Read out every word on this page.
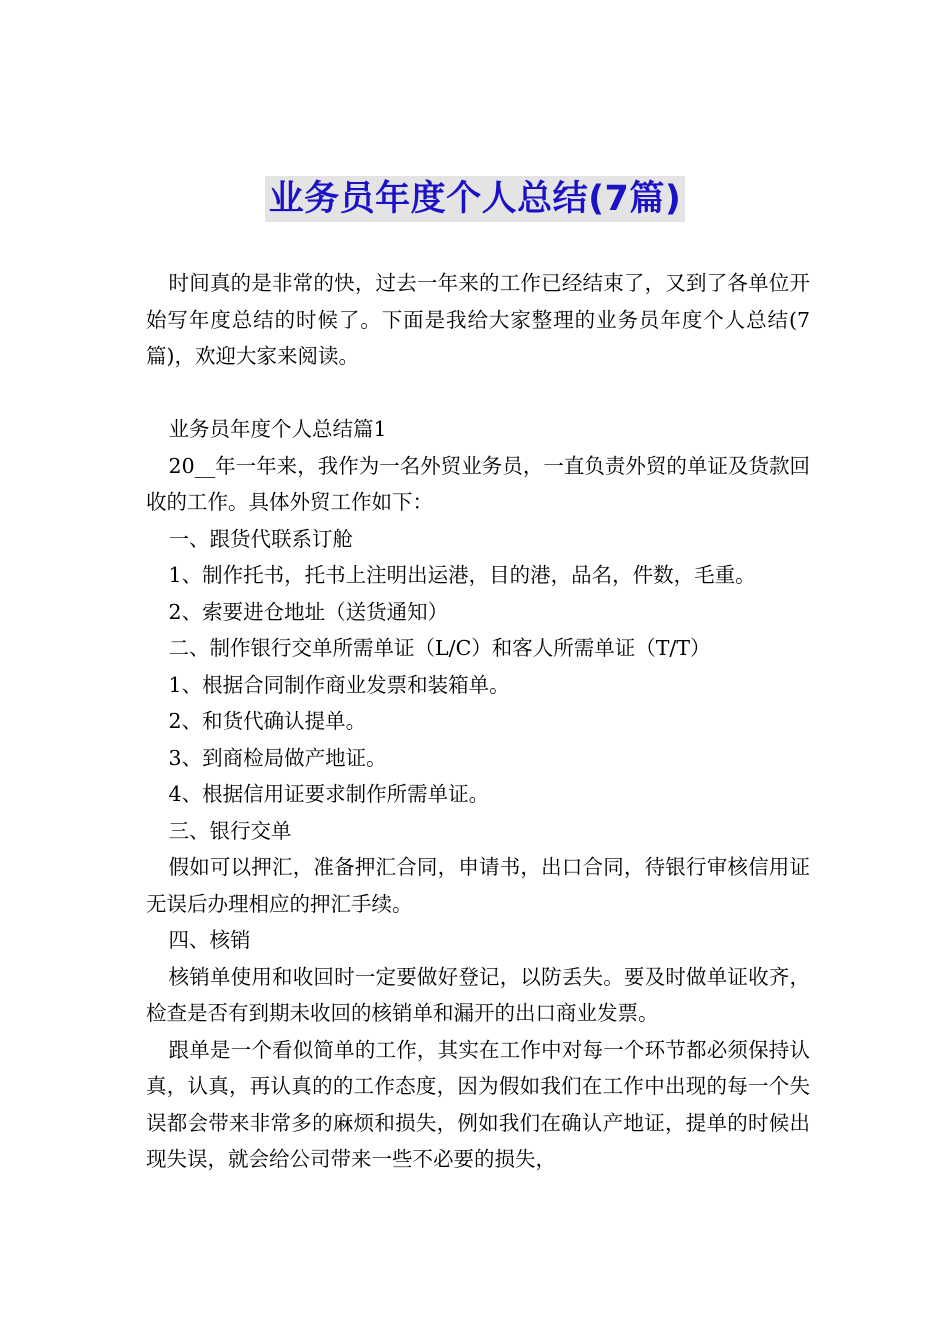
业务员年度个人总结(7篇)

时间真的是非常的快，过去一年来的工作已经结束了，又到了各单位开始写年度总结的时候了。下面是我给大家整理的业务员年度个人总结(7篇)，欢迎大家来阅读。

业务员年度个人总结篇1

20__年一年来，我作为一名外贸业务员，一直负责外贸的单证及货款回收的工作。具体外贸工作如下：

一、跟货代联系订舱

1、制作托书，托书上注明出运港，目的港，品名，件数，毛重。

2、索要进仓地址（送货通知）

二、制作银行交单所需单证（L/C）和客人所需单证（T/T）

1、根据合同制作商业发票和装箱单。

2、和货代确认提单。

3、到商检局做产地证。

4、根据信用证要求制作所需单证。

三、银行交单

假如可以押汇，准备押汇合同，申请书，出口合同，待银行审核信用证无误后办理相应的押汇手续。

四、核销

核销单使用和收回时一定要做好登记，以防丢失。要及时做单证收齐，检查是否有到期未收回的核销单和漏开的出口商业发票。

跟单是一个看似简单的工作，其实在工作中对每一个环节都必须保持认真，认真，再认真的的工作态度，因为假如我们在工作中出现的每一个失误都会带来非常多的麻烦和损失，例如我们在确认产地证，提单的时候出现失误，就会给公司带来一些不必要的损失，
